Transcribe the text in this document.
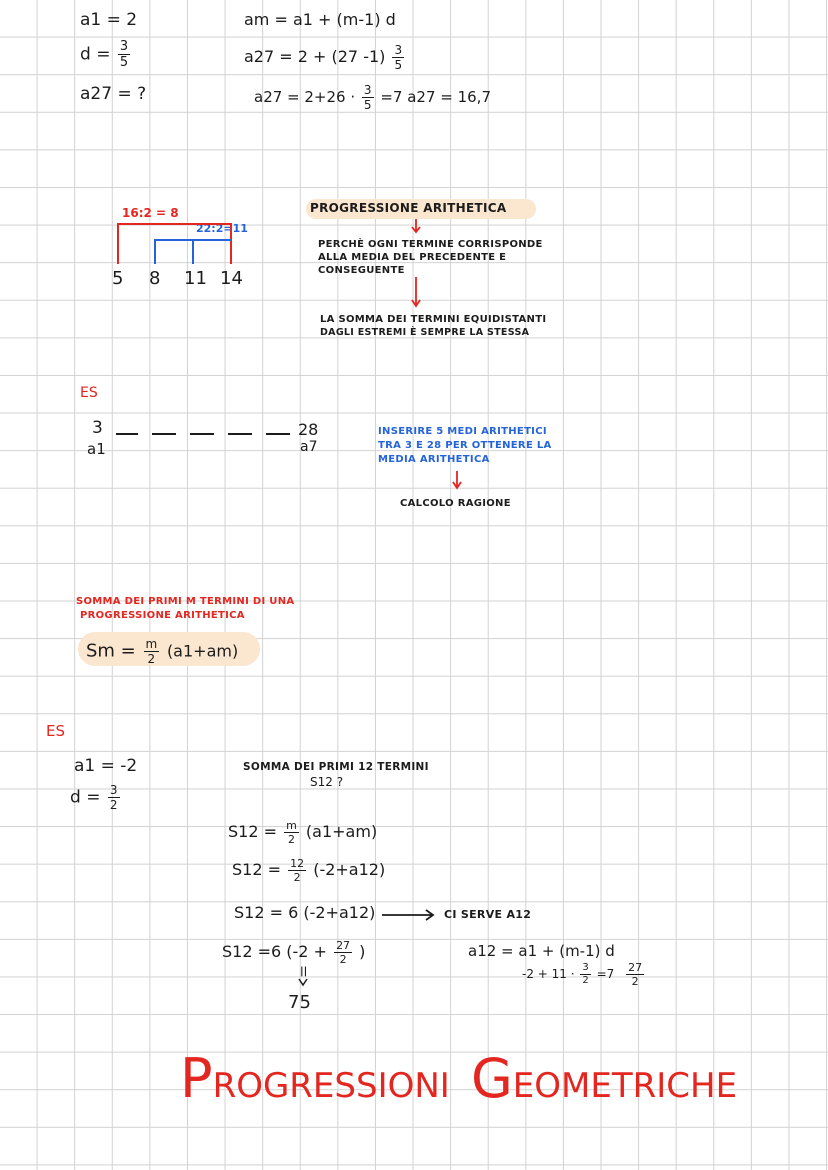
a1 = 2
$d = \frac{3}{5}$
a27 = ?
am = a1 + (m-1) d
a27 = 2 + (27 $-1) \frac{3}{5}$
$a27 = 2+26 \cdot \frac{3}{5} =7$ a27 = 16,7
16:2 = 8
22:2=11
5 8 11 14
PROGRESSIONE ARITHETICA
PERCHÈ OGNI TERMINE CORRISPONDE
ALLA MEDIA DEL PRECEDENTE E
CONSEGUENTE
LA SOMMA DEI TERMINI EQUIDISTANTI
DAGLI ESTREMI È SEMPRE LA STESSA
ES
3
a1
28
a7
INSERIRE 5 MEDI ARITHETICI
TRA 3 E 28 PER OTTENERE LA
MEDIA ARITHETICA
CALCOLO RAGIONE
SOMMA DEI PRIMI M TERMINI DI UNA
PROGRESSIONE ARITHETICA
$Sm = \frac{m}{2} (a1+am)$
ES
a1 = -2
$d = \frac{3}{2}$
SOMMA DEI PRIMI 12 TERMINI
S12 ?
$S12 = \frac{m}{2} (a1+am)$
$S12 = \frac{12}{2} (-2+a12)$
S12 = 6 (-2+a12)	CI SERVE A12
S12 =6 ($-2 + \frac{27}{2}$ )
||
75
a12 = a1 + (m-1) d
$-2 + 11 \cdot \frac{3}{2} =7 \frac{27}{2}$
PROGRESSIONI GEOMETRICHE
